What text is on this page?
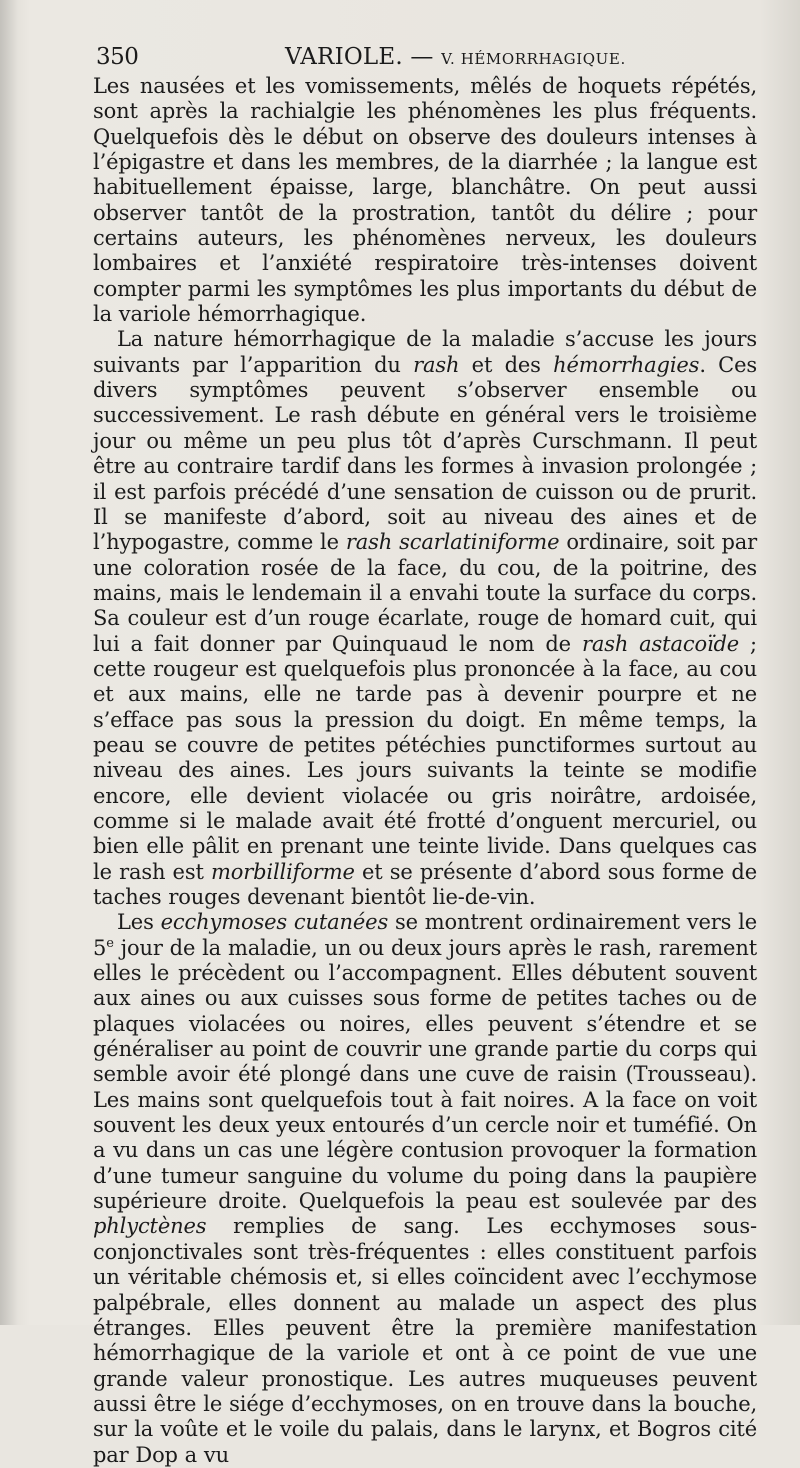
350	VARIOLE. — V. HÉMORRHAGIQUE.

Les nausées et les vomissements, mêlés de hoquets répétés, sont après la rachialgie les phénomènes les plus fréquents. Quelquefois dès le début on observe des douleurs intenses à l’épigastre et dans les membres, de la diarrhée ; la langue est habituellement épaisse, large, blanchâtre. On peut aussi observer tantôt de la prostration, tantôt du délire ; pour certains auteurs, les phénomènes nerveux, les douleurs lombaires et l’anxiété respiratoire très-intenses doivent compter parmi les symptômes les plus importants du début de la variole hémorrhagique.

La nature hémorrhagique de la maladie s’accuse les jours suivants par l’apparition du rash et des hémorrhagies. Ces divers symptômes peuvent s’observer ensemble ou successivement. Le rash débute en général vers le troisième jour ou même un peu plus tôt d’après Curschmann. Il peut être au contraire tardif dans les formes à invasion prolongée ; il est parfois précédé d’une sensation de cuisson ou de prurit. Il se manifeste d’abord, soit au niveau des aines et de l’hypogastre, comme le rash scarlatiniforme ordinaire, soit par une coloration rosée de la face, du cou, de la poitrine, des mains, mais le lendemain il a envahi toute la surface du corps. Sa couleur est d’un rouge écarlate, rouge de homard cuit, qui lui a fait donner par Quinquaud le nom de rash astacoïde ; cette rougeur est quelquefois plus prononcée à la face, au cou et aux mains, elle ne tarde pas à devenir pourpre et ne s’efface pas sous la pression du doigt. En même temps, la peau se couvre de petites pétéchies punctiformes surtout au niveau des aines. Les jours suivants la teinte se modifie encore, elle devient violacée ou gris noirâtre, ardoisée, comme si le malade avait été frotté d’onguent mercuriel, ou bien elle pâlit en prenant une teinte livide. Dans quelques cas le rash est morbilliforme et se présente d’abord sous forme de taches rouges devenant bientôt lie-de-vin.

Les ecchymoses cutanées se montrent ordinairement vers le 5e jour de la maladie, un ou deux jours après le rash, rarement elles le précèdent ou l’accompagnent. Elles débutent souvent aux aines ou aux cuisses sous forme de petites taches ou de plaques violacées ou noires, elles peuvent s’étendre et se généraliser au point de couvrir une grande partie du corps qui semble avoir été plongé dans une cuve de raisin (Trousseau). Les mains sont quelquefois tout à fait noires. A la face on voit souvent les deux yeux entourés d’un cercle noir et tuméfié. On a vu dans un cas une légère contusion provoquer la formation d’une tumeur sanguine du volume du poing dans la paupière supérieure droite. Quelquefois la peau est soulevée par des phlyctènes remplies de sang. Les ecchymoses sous-conjonctivales sont très-fréquentes : elles constituent parfois un véritable chémosis et, si elles coïncident avec l’ecchymose palpébrale, elles donnent au malade un aspect des plus étranges. Elles peuvent être la première manifestation hémorrhagique de la variole et ont à ce point de vue une grande valeur pronostique. Les autres muqueuses peuvent aussi être le siége d’ecchymoses, on en trouve dans la bouche, sur la voûte et le voile du palais, dans le larynx, et Bogros cité par Dop a vu
